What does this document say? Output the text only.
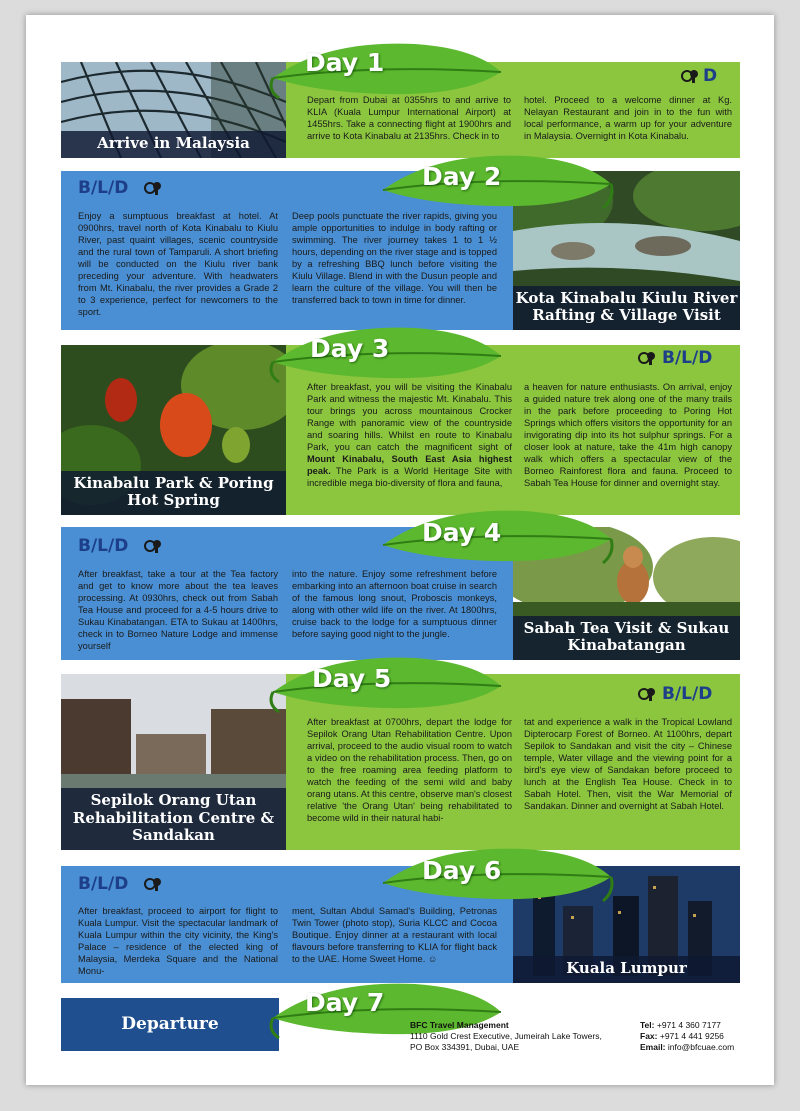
Arrive in Malaysia
Day 1	D
Depart from Dubai at 0355hrs to and arrive to KLIA (Kuala Lumpur International Airport) at 1455hrs. Take a connecting flight at 1900hrs and arrive to Kota Kinabalu at 2135hrs. Check in to
hotel. Proceed to a welcome dinner at Kg. Nelayan Restaurant and join in to the fun with local performance, a warm up for your adventure in Malaysia. Overnight in Kota Kinabalu.
Kota Kinabalu Kiulu River Rafting & Village Visit
Day 2
B/L/D
Enjoy a sumptuous breakfast at hotel. At 0900hrs, travel north of Kota Kinabalu to Kiulu River, past quaint villages, scenic countryside and the rural town of Tamparuli. A short briefing will be conducted on the Kiulu river bank preceding your adventure. With headwaters from Mt. Kinabalu, the river provides a Grade 2 to 3 experience, perfect for newcomers to the sport.
Deep pools punctuate the river rapids, giving you ample opportunities to indulge in body rafting or swimming. The river journey takes 1 to 1 ½ hours, depending on the river stage and is topped by a refreshing BBQ lunch before visiting the Kiulu Village. Blend in with the Dusun people and learn the culture of the village. You will then be transferred back to town in time for dinner.
Kinabalu Park & Poring Hot Spring
Day 3	B/L/D
After breakfast, you will be visiting the Kinabalu Park and witness the majestic Mt. Kinabalu. This tour brings you across mountainous Crocker Range with panoramic view of the countryside and soaring hills. Whilst en route to Kinabalu Park, you can catch the magnificent sight of Mount Kinabalu, South East Asia highest peak. The Park is a World Heritage Site with incredible mega bio-diversity of flora and fauna,
a heaven for nature enthusiasts. On arrival, enjoy a guided nature trek along one of the many trails in the park before proceeding to Poring Hot Springs which offers visitors the opportunity for an invigorating dip into its hot sulphur springs. For a closer look at nature, take the 41m high canopy walk which offers a spectacular view of the Borneo Rainforest flora and fauna. Proceed to Sabah Tea House for dinner and overnight stay.
Sabah Tea Visit & Sukau Kinabatangan
Day 4
B/L/D
After breakfast, take a tour at the Tea factory and get to know more about the tea leaves processing. At 0930hrs, check out from Sabah Tea House and proceed for a 4-5 hours drive to Sukau Kinabatangan. ETA to Sukau at 1400hrs, check in to Borneo Nature Lodge and immense yourself
into the nature. Enjoy some refreshment before embarking into an afternoon boat cruise in search of the famous long snout, Proboscis monkeys, along with other wild life on the river. At 1800hrs, cruise back to the lodge for a sumptuous dinner before saying good night to the jungle.
Sepilok Orang Utan Rehabilitation Centre & Sandakan
Day 5
B/L/D
After breakfast at 0700hrs, depart the lodge for Sepilok Orang Utan Rehabilitation Centre. Upon arrival, proceed to the audio visual room to watch a video on the rehabilitation process. Then, go on to the free roaming area feeding platform to watch the feeding of the semi wild and baby orang utans. At this centre, observe man's closest relative 'the Orang Utan' being rehabilitated to become wild in their natural habi-
tat and experience a walk in the Tropical Lowland Dipterocarp Forest of Borneo. At 1100hrs, depart Sepilok to Sandakan and visit the city – Chinese temple, Water village and the viewing point for a bird's eye view of Sandakan before proceed to lunch at the English Tea House. Check in to Sabah Hotel. Then, visit the War Memorial of Sandakan. Dinner and overnight at Sabah Hotel.
Kuala Lumpur
Day 6
B/L/D
After breakfast, proceed to airport for flight to Kuala Lumpur. Visit the spectacular landmark of Kuala Lumpur within the city vicinity, the King's Palace – residence of the elected king of Malaysia, Merdeka Square and the National Monu-
ment, Sultan Abdul Samad's Building, Petronas Twin Tower (photo stop), Suria KLCC and Cocoa Boutique. Enjoy dinner at a restaurant with local flavours before transferring to KLIA for flight back to the UAE. Home Sweet Home. ☺
Departure
Day 7
BFC Travel Management
1110 Gold Crest Executive, Jumeirah Lake Towers,
PO Box 334391, Dubai, UAE
Tel: +971 4 360 7177
Fax: +971 4 441 9256
Email: info@bfcuae.com
